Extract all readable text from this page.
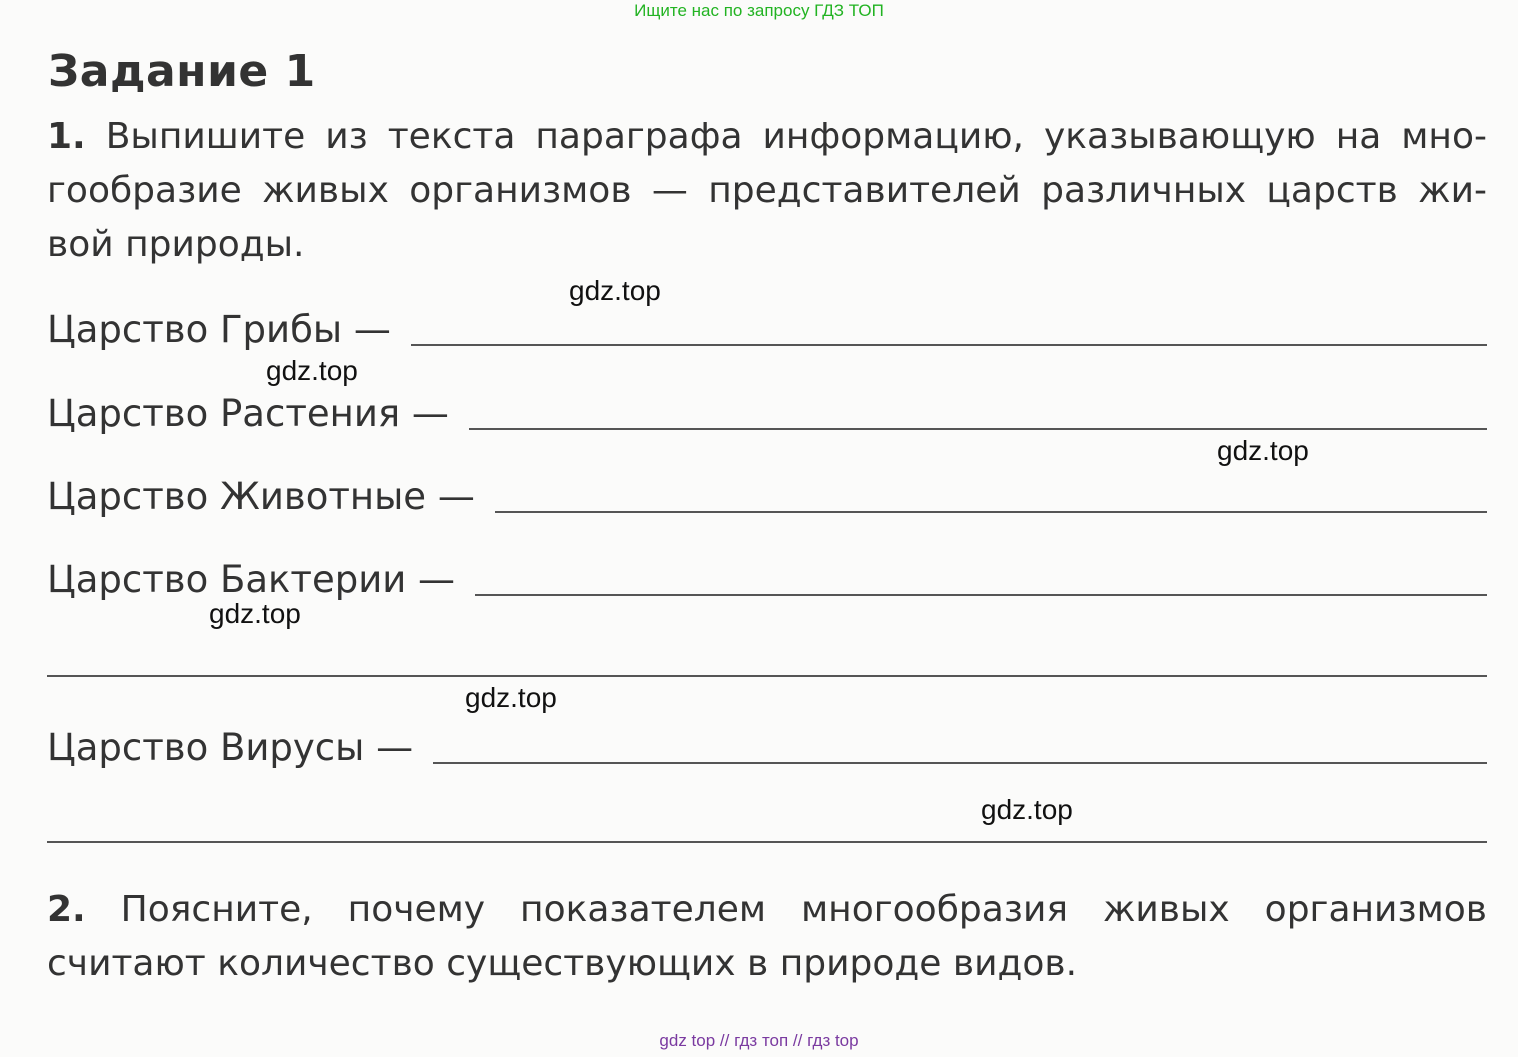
Ищите нас по запросу ГДЗ ТОП
Задание 1
1. Выпишите из текста параграфа информацию, указывающую на мно-
гообразие живых организмов — представителей различных царств жи-
вой природы.
Царство Грибы —
Царство Растения —
Царство Животные —
Царство Бактерии —
Царство Вирусы —
2. Поясните, почему показателем многообразия живых организмов
считают количество существующих в природе видов.
gdz.top
gdz.top
gdz.top
gdz.top
gdz.top
gdz.top
gdz top // гдз топ // гдз top
